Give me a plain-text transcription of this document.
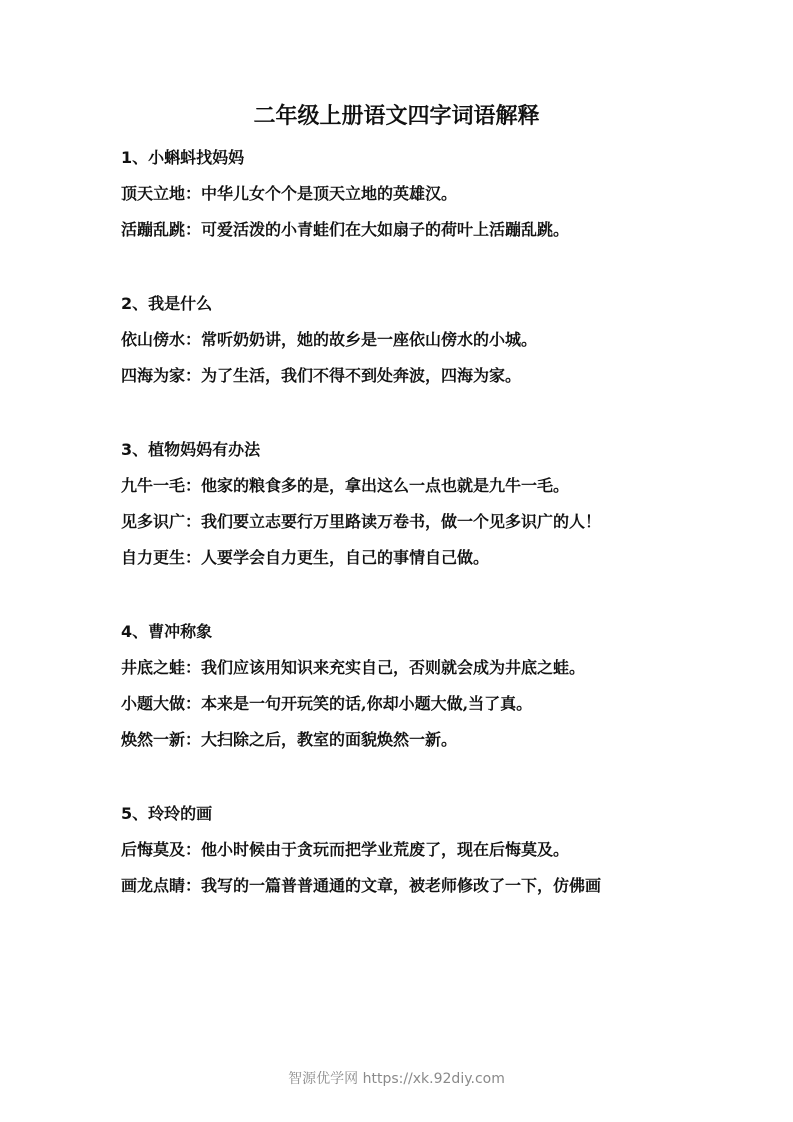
二年级上册语文四字词语解释
1、小蝌蚪找妈妈
顶天立地：中华儿女个个是顶天立地的英雄汉。
活蹦乱跳：可爱活泼的小青蛙们在大如扇子的荷叶上活蹦乱跳。
2、我是什么
依山傍水：常听奶奶讲，她的故乡是一座依山傍水的小城。
四海为家：为了生活，我们不得不到处奔波，四海为家。
3、植物妈妈有办法
九牛一毛：他家的粮食多的是，拿出这么一点也就是九牛一毛。
见多识广：我们要立志要行万里路读万卷书，做一个见多识广的人！
自力更生：人要学会自力更生，自己的事情自己做。
4、曹冲称象
井底之蛙：我们应该用知识来充实自己，否则就会成为井底之蛙。
小题大做：本来是一句开玩笑的话,你却小题大做,当了真。
焕然一新：大扫除之后，教室的面貌焕然一新。
5、玲玲的画
后悔莫及：他小时候由于贪玩而把学业荒废了，现在后悔莫及。
画龙点睛：我写的一篇普普通通的文章，被老师修改了一下，仿佛画
智源优学网 https://xk.92diy.com
